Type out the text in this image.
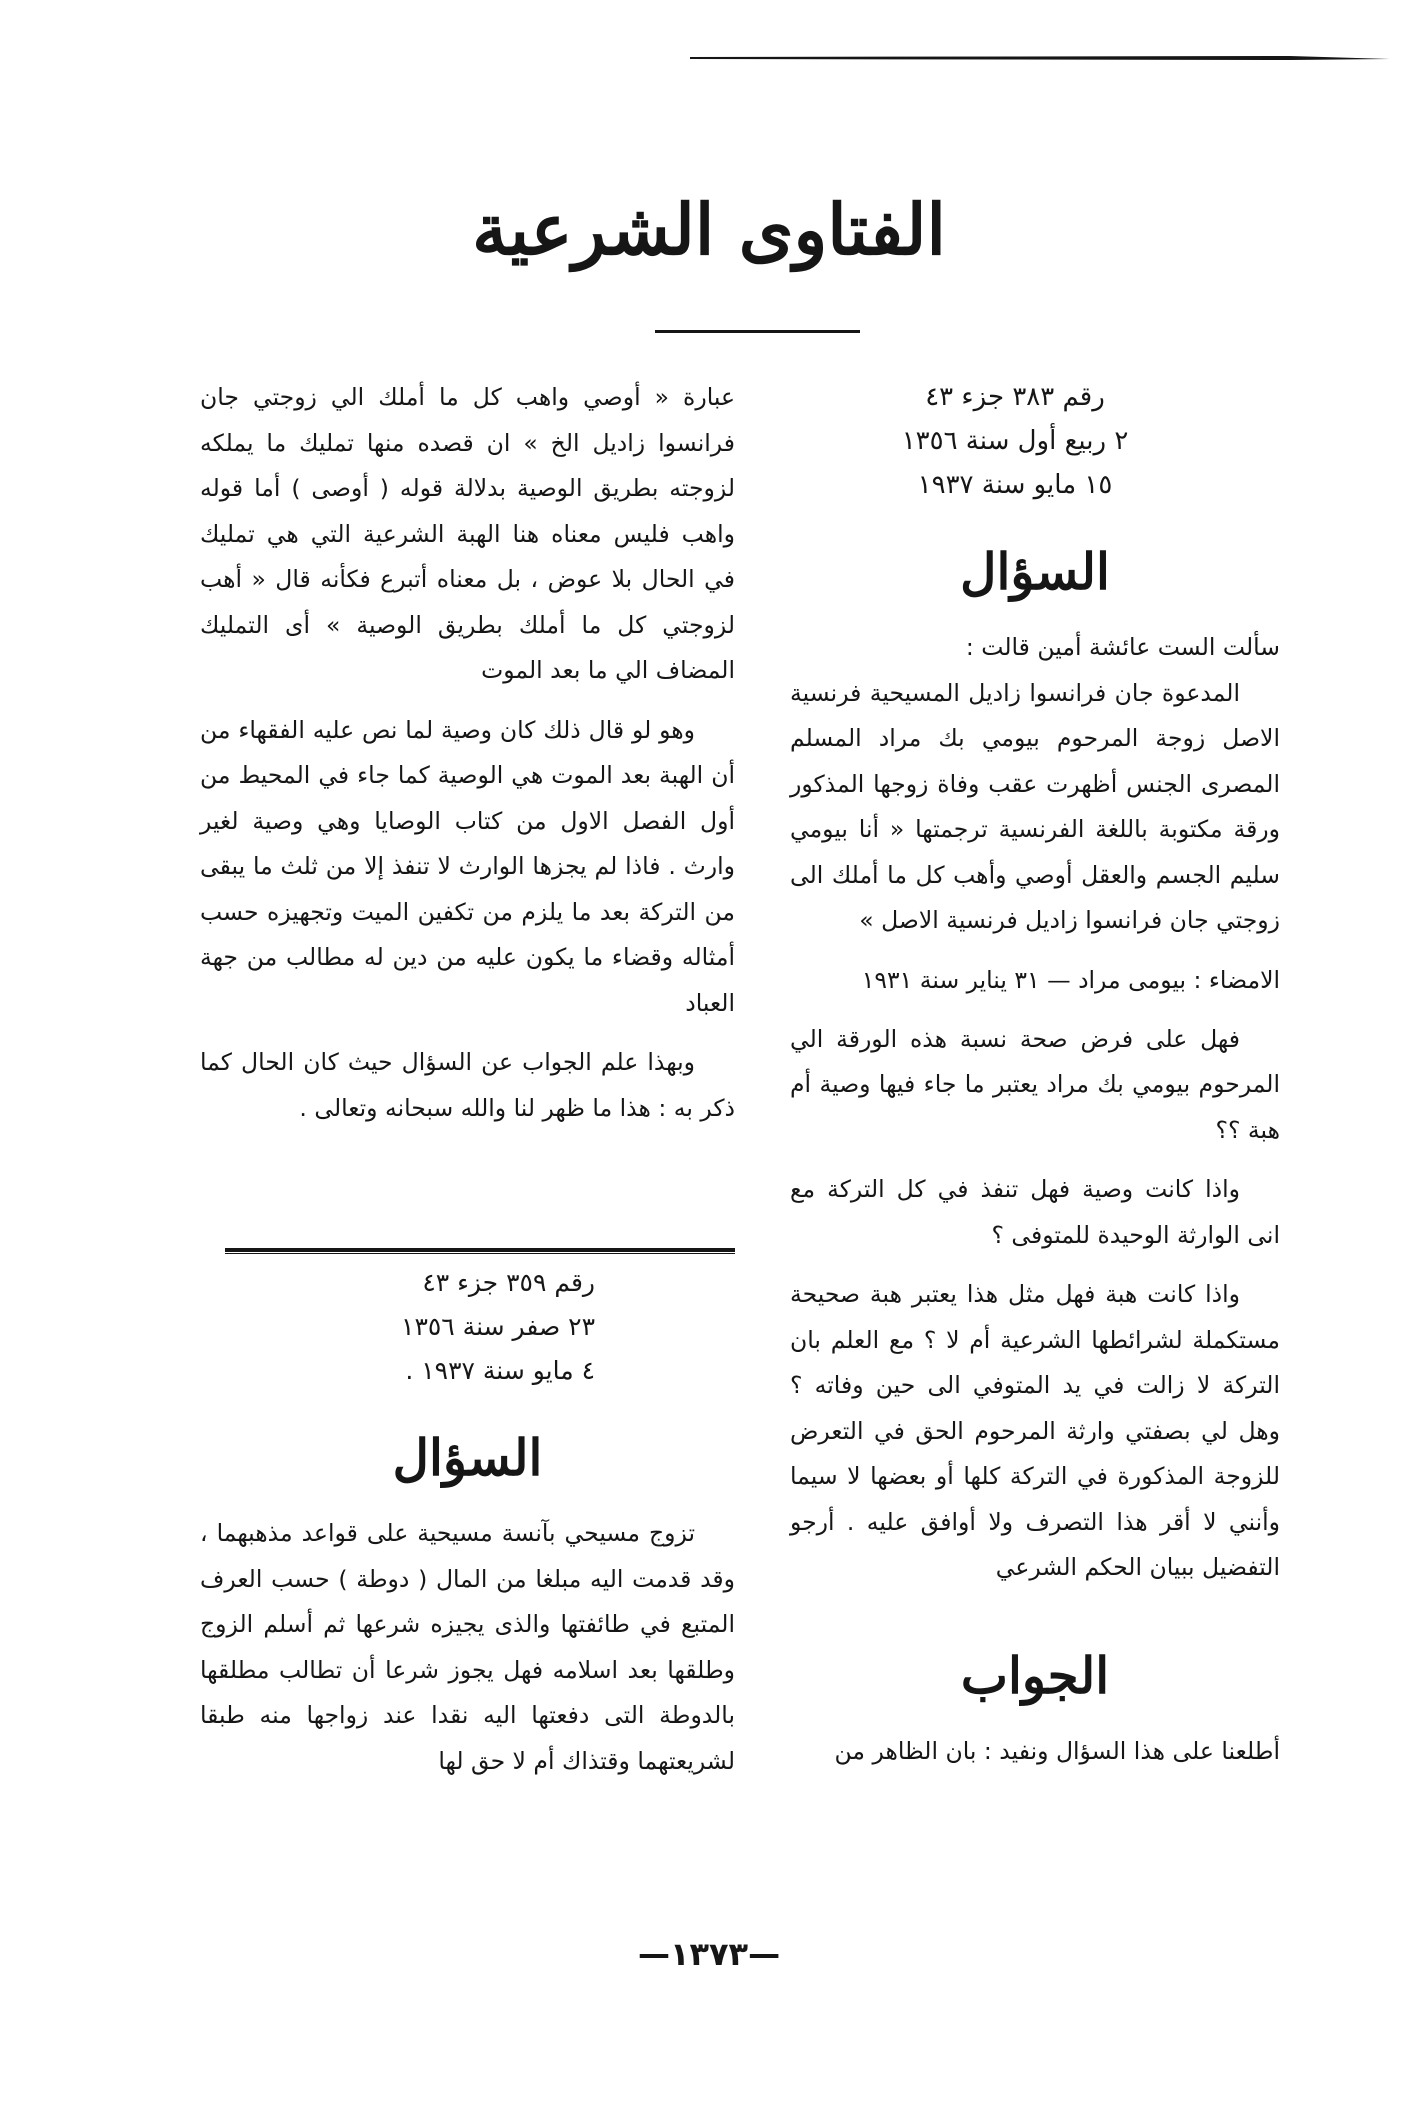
الفتاوى الشرعية

رقم ٣٨٣ جزء ٤٣

٢ ربيع أول سنة ١٣٥٦

١٥ مايو سنة ١٩٣٧

السؤال

سألت الست عائشة أمين قالت :

المدعوة جان فرانسوا زاديل المسيحية فرنسية الاصل زوجة المرحوم بيومي بك مراد المسلم المصرى الجنس أظهرت عقب وفاة زوجها المذكور ورقة مكتوبة باللغة الفرنسية ترجمتها « أنا بيومي سليم الجسم والعقل أوصي وأهب كل ما أملك الى زوجتي جان فرانسوا زاديل فرنسية الاصل »

الامضاء : بيومى مراد — ٣١ يناير سنة ١٩٣١

فهل على فرض صحة نسبة هذه الورقة الي المرحوم بيومي بك مراد يعتبر ما جاء فيها وصية أم هبة ؟؟

واذا كانت وصية فهل تنفذ في كل التركة مع انى الوارثة الوحيدة للمتوفى ؟

واذا كانت هبة فهل مثل هذا يعتبر هبة صحيحة مستكملة لشرائطها الشرعية أم لا ؟ مع العلم بان التركة لا زالت في يد المتوفي الى حين وفاته ؟ وهل لي بصفتي وارثة المرحوم الحق في التعرض للزوجة المذكورة في التركة كلها أو بعضها لا سيما وأنني لا أقر هذا التصرف ولا أوافق عليه . أرجو التفضيل ببيان الحكم الشرعي

الجواب

أطلعنا على هذا السؤال ونفيد : بان الظاهر من

عبارة « أوصي واهب كل ما أملك الي زوجتي جان فرانسوا زاديل الخ » ان قصده منها تمليك ما يملكه لزوجته بطريق الوصية بدلالة قوله ( أوصى ) أما قوله واهب فليس معناه هنا الهبة الشرعية التي هي تمليك في الحال بلا عوض ، بل معناه أتبرع فكأنه قال « أهب لزوجتي كل ما أملك بطريق الوصية » أى التمليك المضاف الي ما بعد الموت

وهو لو قال ذلك كان وصية لما نص عليه الفقهاء من أن الهبة بعد الموت هي الوصية كما جاء في المحيط من أول الفصل الاول من كتاب الوصايا وهي وصية لغير وارث . فاذا لم يجزها الوارث لا تنفذ إلا من ثلث ما يبقى من التركة بعد ما يلزم من تكفين الميت وتجهيزه حسب أمثاله وقضاء ما يكون عليه من دين له مطالب من جهة العباد

وبهذا علم الجواب عن السؤال حيث كان الحال كما ذكر به : هذا ما ظهر لنا والله سبحانه وتعالى .

رقم ٣٥٩ جزء ٤٣

٢٣ صفر سنة ١٣٥٦

٤ مايو سنة ١٩٣٧ .

السؤال

تزوج مسيحي بآنسة مسيحية على قواعد مذهبهما ، وقد قدمت اليه مبلغا من المال ( دوطة ) حسب العرف المتبع في طائفتها والذى يجيزه شرعها ثم أسلم الزوج وطلقها بعد اسلامه فهل يجوز شرعا أن تطالب مطلقها بالدوطة التى دفعتها اليه نقدا عند زواجها منه طبقا لشريعتهما وقتذاك أم لا حق لها

—١٣٧٣—
